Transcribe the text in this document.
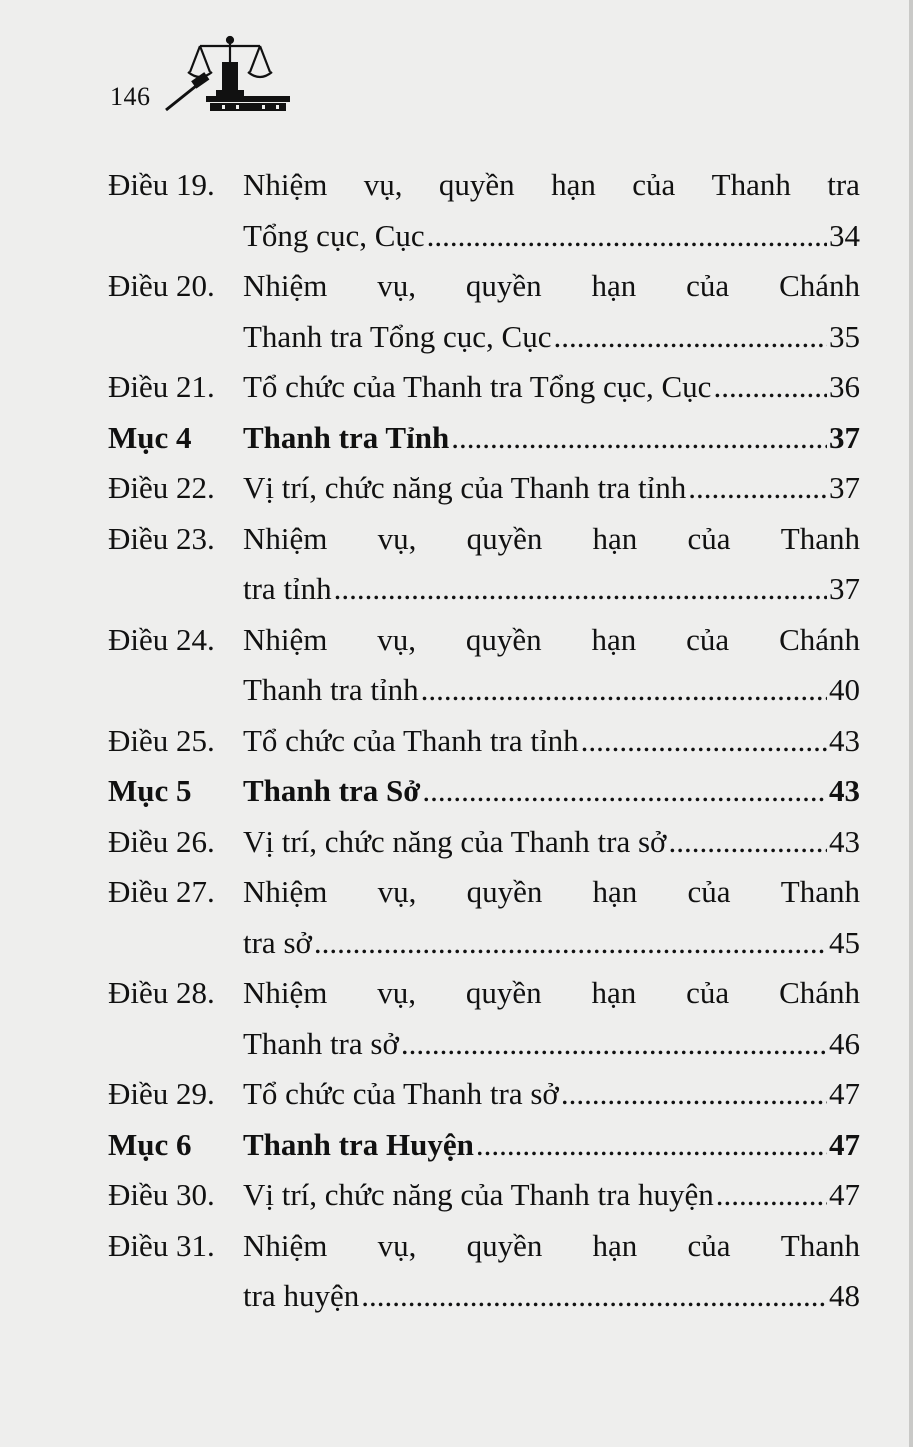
146
Điều 19. Nhiệm vụ, quyền hạn của Thanh tra
Tổng cục, Cục .....	34
Điều 20. Nhiệm vụ, quyền hạn của Chánh
Thanh tra Tổng cục, Cục .....	35
Điều 21. Tổ chức của Thanh tra Tổng cục, Cục .....	36
Mục 4 Thanh tra Tỉnh .....	37
Điều 22. Vị trí, chức năng của Thanh tra tỉnh .....	37
Điều 23. Nhiệm vụ, quyền hạn của Thanh
tra tỉnh .....	37
Điều 24. Nhiệm vụ, quyền hạn của Chánh
Thanh tra tỉnh .....	40
Điều 25. Tổ chức của Thanh tra tỉnh .....	43
Mục 5 Thanh tra Sở .....	43
Điều 26. Vị trí, chức năng của Thanh tra sở .....	43
Điều 27. Nhiệm vụ, quyền hạn của Thanh
tra sở .....	45
Điều 28. Nhiệm vụ, quyền hạn của Chánh
Thanh tra sở .....	46
Điều 29. Tổ chức của Thanh tra sở .....	47
Mục 6 Thanh tra Huyện .....	47
Điều 30. Vị trí, chức năng của Thanh tra huyện .....	47
Điều 31. Nhiệm vụ, quyền hạn của Thanh
tra huyện .....	48
